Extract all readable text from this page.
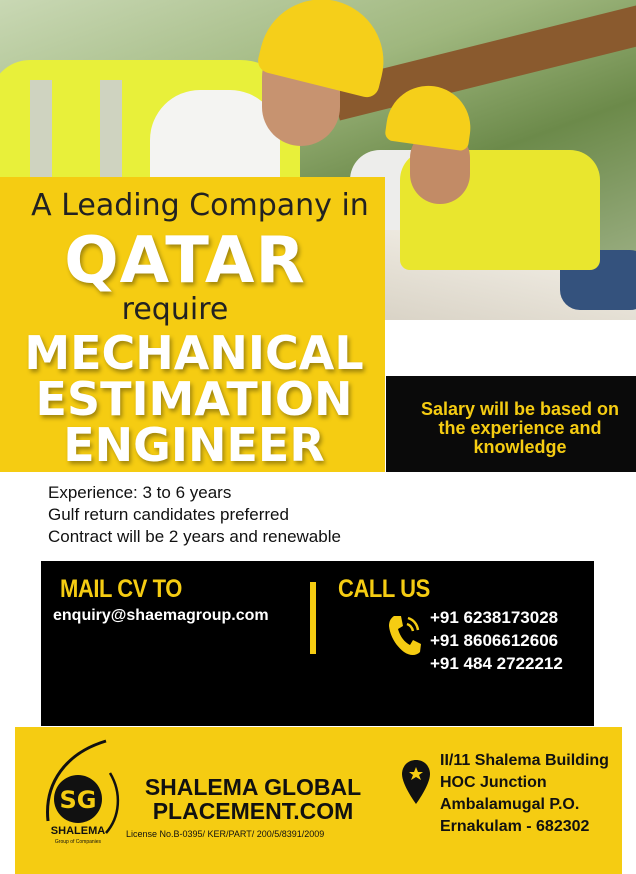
A Leading Company in
QATAR
require
MECHANICAL
ESTIMATION
ENGINEER
Salary will be based on
the experience and
knowledge
Experience: 3 to 6 years
Gulf return candidates preferred
Contract will be 2 years and renewable
MAIL CV TO
enquiry@shaemagroup.com
CALL US
+91 6238173028
+91 8606612606
+91 484 2722212
SG
SHALEMA
Group of Companies
SHALEMA GLOBAL
PLACEMENT.COM
License No.B-0395/ KER/PART/ 200/5/8391/2009
II/11 Shalema Building
HOC Junction
Ambalamugal P.O.
Ernakulam - 682302
